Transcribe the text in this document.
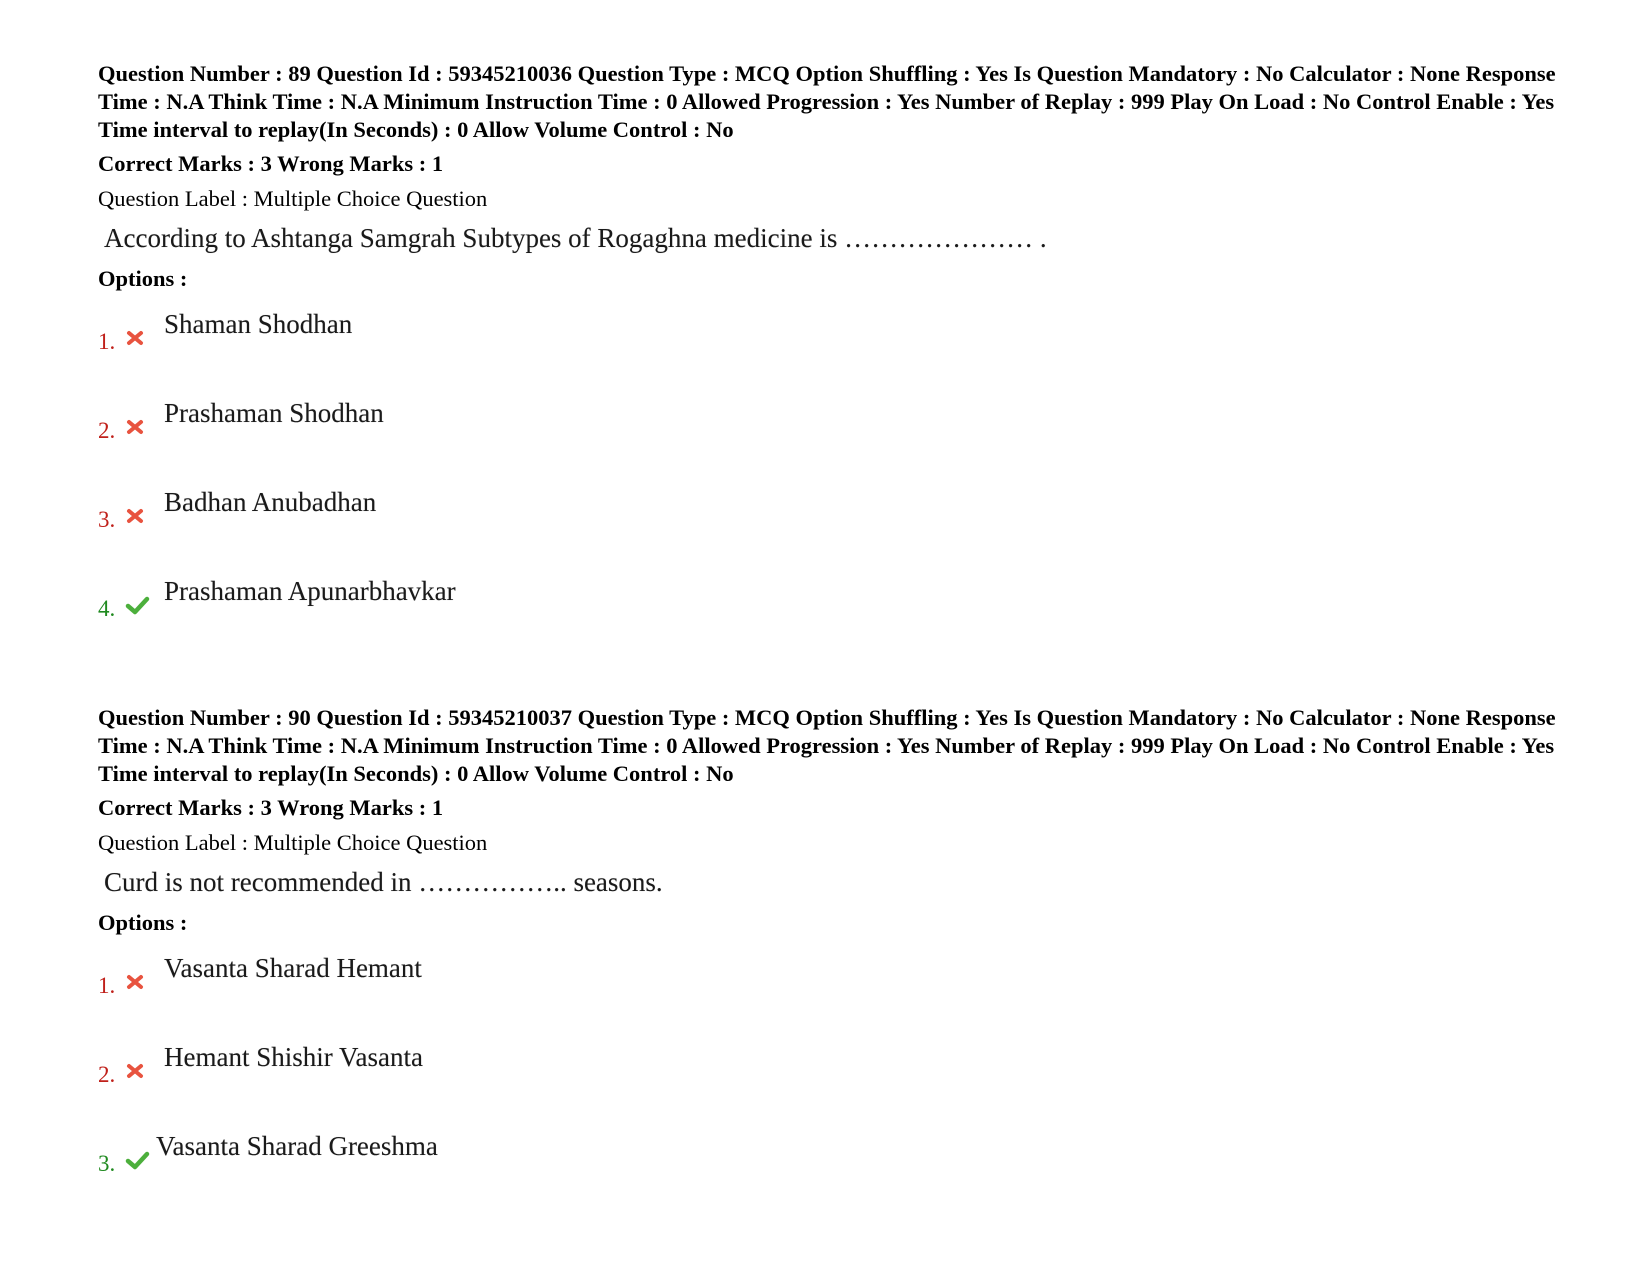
Question Number : 89 Question Id : 59345210036 Question Type : MCQ Option Shuffling : Yes Is Question Mandatory : No Calculator : None Response Time : N.A Think Time : N.A Minimum Instruction Time : 0 Allowed Progression : Yes Number of Replay : 999 Play On Load : No Control Enable : Yes Time interval to replay(In Seconds) : 0 Allow Volume Control : No

Correct Marks : 3 Wrong Marks : 1
Question Label : Multiple Choice Question
According to Ashtanga Samgrah Subtypes of Rogaghna medicine is ………………… .
Options :
1.
Shaman Shodhan
2.
Prashaman Shodhan
3.
Badhan Anubadhan
4.
Prashaman Apunarbhavkar

Question Number : 90 Question Id : 59345210037 Question Type : MCQ Option Shuffling : Yes Is Question Mandatory : No Calculator : None Response Time : N.A Think Time : N.A Minimum Instruction Time : 0 Allowed Progression : Yes Number of Replay : 999 Play On Load : No Control Enable : Yes Time interval to replay(In Seconds) : 0 Allow Volume Control : No

Correct Marks : 3 Wrong Marks : 1
Question Label : Multiple Choice Question
Curd is not recommended in …………….. seasons.
Options :
1.
Vasanta Sharad Hemant
2.
Hemant Shishir Vasanta
3.
Vasanta Sharad Greeshma
